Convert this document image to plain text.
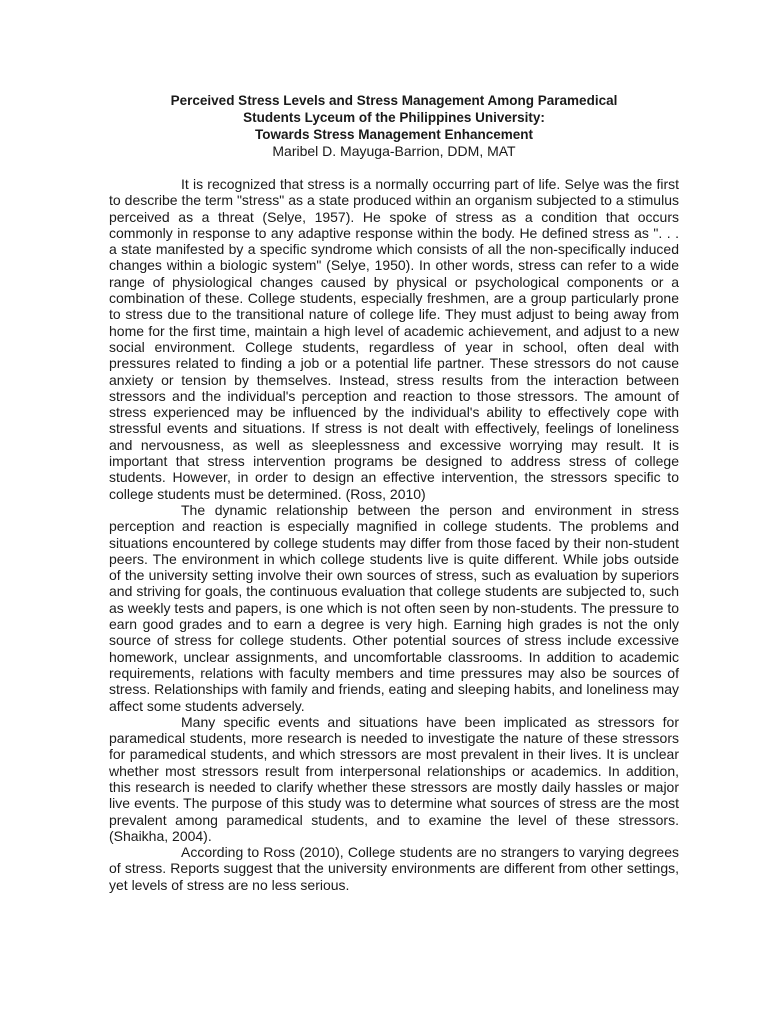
Perceived Stress Levels and Stress Management Among Paramedical
Students Lyceum of the Philippines University:
Towards Stress Management Enhancement
Maribel D. Mayuga-Barrion, DDM, MAT

It is recognized that stress is a normally occurring part of life. Selye was the first to describe the term "stress" as a state produced within an organism subjected to a stimulus perceived as a threat (Selye, 1957). He spoke of stress as a condition that occurs commonly in response to any adaptive response within the body. He defined stress as ". . . a state manifested by a specific syndrome which consists of all the non-specifically induced changes within a biologic system" (Selye, 1950). In other words, stress can refer to a wide range of physiological changes caused by physical or psychological components or a combination of these. College students, especially freshmen, are a group particularly prone to stress due to the transitional nature of college life. They must adjust to being away from home for the first time, maintain a high level of academic achievement, and adjust to a new social environment. College students, regardless of year in school, often deal with pressures related to finding a job or a potential life partner. These stressors do not cause anxiety or tension by themselves. Instead, stress results from the interaction between stressors and the individual's perception and reaction to those stressors. The amount of stress experienced may be influenced by the individual's ability to effectively cope with stressful events and situations. If stress is not dealt with effectively, feelings of loneliness and nervousness, as well as sleeplessness and excessive worrying may result. It is important that stress intervention programs be designed to address stress of college students. However, in order to design an effective intervention, the stressors specific to college students must be determined. (Ross, 2010)

The dynamic relationship between the person and environment in stress perception and reaction is especially magnified in college students. The problems and situations encountered by college students may differ from those faced by their non-student peers. The environment in which college students live is quite different. While jobs outside of the university setting involve their own sources of stress, such as evaluation by superiors and striving for goals, the continuous evaluation that college students are subjected to, such as weekly tests and papers, is one which is not often seen by non-students. The pressure to earn good grades and to earn a degree is very high. Earning high grades is not the only source of stress for college students. Other potential sources of stress include excessive homework, unclear assignments, and uncomfortable classrooms. In addition to academic requirements, relations with faculty members and time pressures may also be sources of stress. Relationships with family and friends, eating and sleeping habits, and loneliness may affect some students adversely.

Many specific events and situations have been implicated as stressors for paramedical students, more research is needed to investigate the nature of these stressors for paramedical students, and which stressors are most prevalent in their lives. It is unclear whether most stressors result from interpersonal relationships or academics. In addition, this research is needed to clarify whether these stressors are mostly daily hassles or major live events. The purpose of this study was to determine what sources of stress are the most prevalent among paramedical students, and to examine the level of these stressors. (Shaikha, 2004).

According to Ross (2010), College students are no strangers to varying degrees of stress. Reports suggest that the university environments are different from other settings, yet levels of stress are no less serious.
